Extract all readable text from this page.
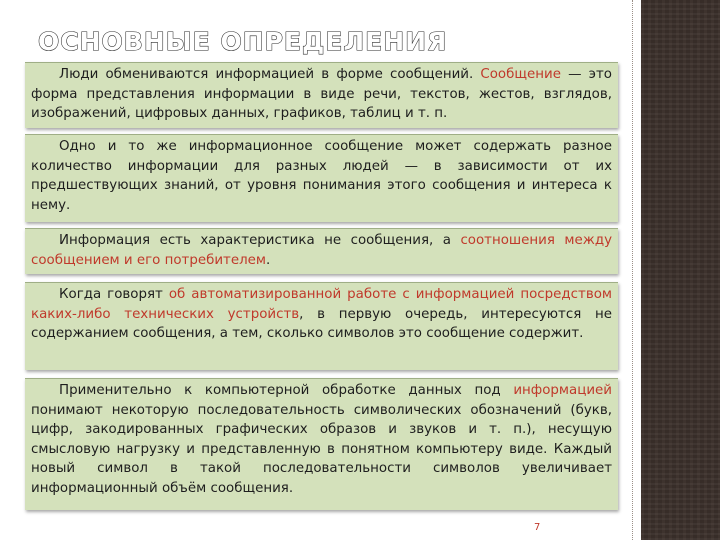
ОСНОВНЫЕ ОПРЕДЕЛЕНИЯ

Люди обмениваются информацией в форме сообщений. Сообщение — это форма представления информации в виде речи, текстов, жестов, взглядов, изображений, цифровых данных, графиков, таблиц и т. п.

Одно и то же информационное сообщение может содержать разное количество информации для разных людей — в зависимости от их предшествующих знаний, от уровня понимания этого сообщения и интереса к нему.

Информация есть характеристика не сообщения, а соотношения между сообщением и его потребителем.

Когда говорят об автоматизированной работе с информацией посредством каких-либо технических устройств, в первую очередь, интересуются не содержанием сообщения, а тем, сколько символов это сообщение содержит.

Применительно к компьютерной обработке данных под информацией понимают некоторую последовательность символических обозначений (букв, цифр, закодированных графических образов и звуков и т. п.), несущую смысловую нагрузку и представленную в понятном компьютеру виде. Каждый новый символ в такой последовательности символов увеличивает информационный объём сообщения.

7
